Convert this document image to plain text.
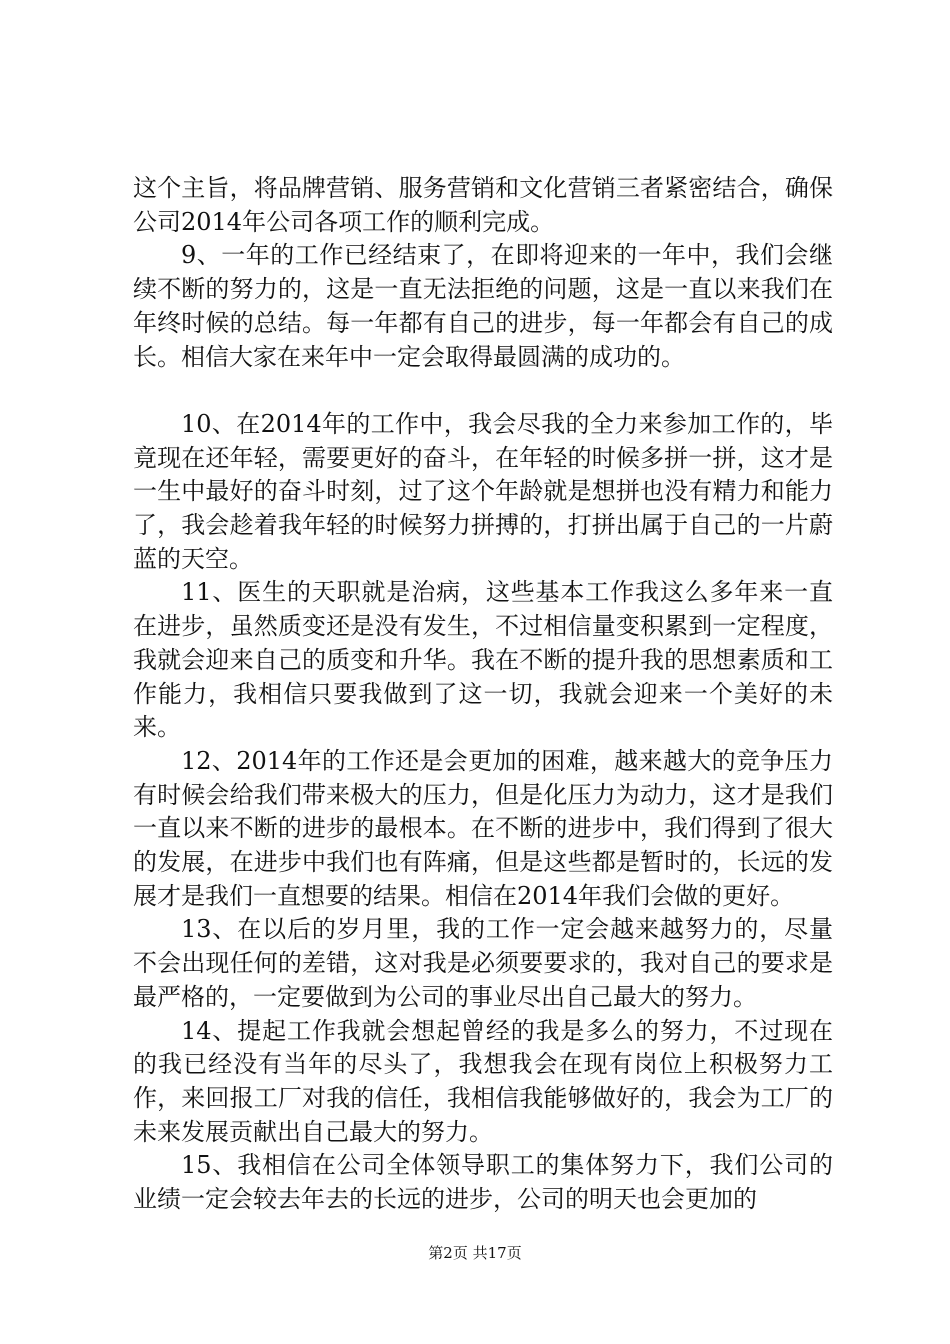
这个主旨，将品牌营销、服务营销和文化营销三者紧密结合，确保公司2014年公司各项工作的顺利完成。

9、一年的工作已经结束了，在即将迎来的一年中，我们会继续不断的努力的，这是一直无法拒绝的问题，这是一直以来我们在年终时候的总结。每一年都有自己的进步，每一年都会有自己的成长。相信大家在来年中一定会取得最圆满的成功的。

10、在2014年的工作中，我会尽我的全力来参加工作的，毕竟现在还年轻，需要更好的奋斗，在年轻的时候多拼一拼，这才是一生中最好的奋斗时刻，过了这个年龄就是想拼也没有精力和能力了，我会趁着我年轻的时候努力拼搏的，打拼出属于自己的一片蔚蓝的天空。

11、医生的天职就是治病，这些基本工作我这么多年来一直在进步，虽然质变还是没有发生，不过相信量变积累到一定程度，我就会迎来自己的质变和升华。我在不断的提升我的思想素质和工作能力，我相信只要我做到了这一切，我就会迎来一个美好的未来。

12、2014年的工作还是会更加的困难，越来越大的竞争压力有时候会给我们带来极大的压力，但是化压力为动力，这才是我们一直以来不断的进步的最根本。在不断的进步中，我们得到了很大的发展，在进步中我们也有阵痛，但是这些都是暂时的，长远的发展才是我们一直想要的结果。相信在2014年我们会做的更好。

13、在以后的岁月里，我的工作一定会越来越努力的，尽量不会出现任何的差错，这对我是必须要要求的，我对自己的要求是最严格的，一定要做到为公司的事业尽出自己最大的努力。

14、提起工作我就会想起曾经的我是多么的努力，不过现在的我已经没有当年的尽头了，我想我会在现有岗位上积极努力工作，来回报工厂对我的信任，我相信我能够做好的，我会为工厂的未来发展贡献出自己最大的努力。

15、我相信在公司全体领导职工的集体努力下，我们公司的业绩一定会较去年去的长远的进步，公司的明天也会更加的

第2页 共17页
